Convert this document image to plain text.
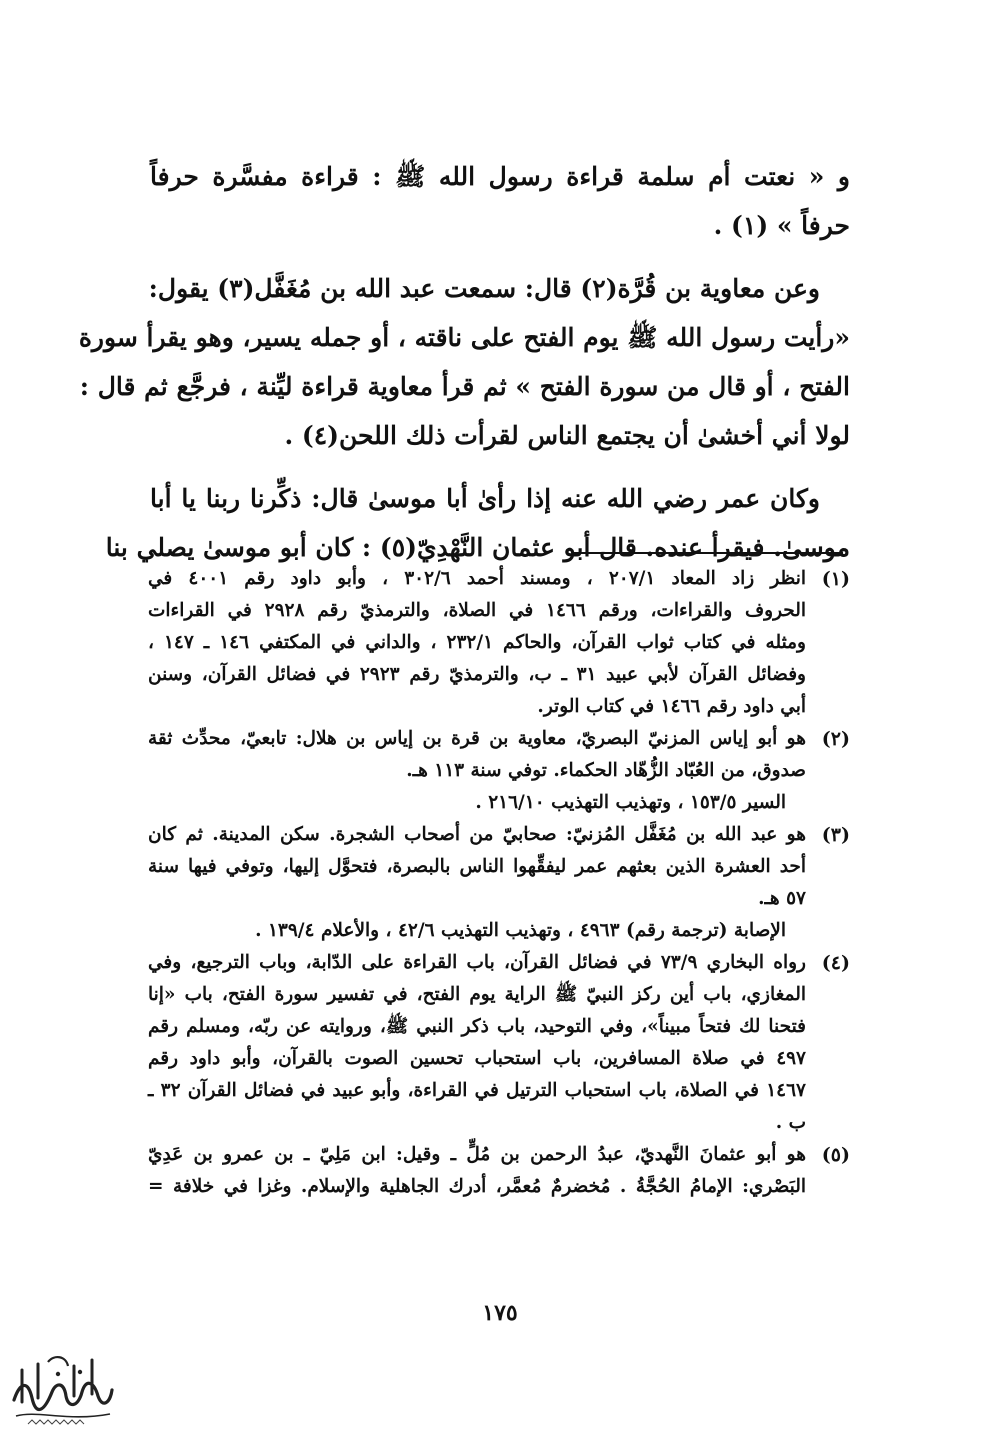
و « نعتت أم سلمة قراءة رسول الله ﷺ : قراءة مفسَّرة حرفاً
حرفاً » (١) .
وعن معاوية بن قُرَّة(٢) قال: سمعت عبد الله بن مُغَفَّل(٣) يقول:
«رأيت رسول الله ﷺ يوم الفتح على ناقته ، أو جمله يسير، وهو يقرأ سورة
الفتح ، أو قال من سورة الفتح » ثم قرأ معاوية قراءة ليِّنة ، فرجَّع ثم قال :
لولا أني أخشىٰ أن يجتمع الناس لقرأت ذلك اللحن(٤) .
وكان عمر رضي الله عنه إذا رأىٰ أبا موسىٰ قال: ذكِّرنا ربنا يا أبا
موسىٰ. فيقرأ عنده. قال أبو عثمان النَّهْدِيّ(٥) : كان أبو موسىٰ يصلي بنا
(١)
انظر زاد المعاد ٢٠٧/١ ، ومسند أحمد ٣٠٢/٦ ، وأبو داود رقم ٤٠٠١ في
الحروف والقراءات، ورقم ١٤٦٦ في الصلاة، والترمذيّ رقم ٢٩٢٨ في القراءات
ومثله في كتاب ثواب القرآن، والحاكم ٢٣٢/١ ، والداني في المكتفي ١٤٦ ـ ١٤٧ ،
وفضائل القرآن لأبي عبيد ٣١ ـ ب، والترمذيّ رقم ٢٩٢٣ في فضائل القرآن، وسنن
أبي داود رقم ١٤٦٦ في كتاب الوتر.
(٢)
هو أبو إياس المزنيّ البصريّ، معاوية بن قرة بن إياس بن هلال: تابعيّ، محدِّث ثقة
صدوق، من العُبّاد الزُّهّاد الحكماء. توفي سنة ١١٣ هـ.
السير ١٥٣/٥ ، وتهذيب التهذيب ٢١٦/١٠ .
(٣)
هو عبد الله بن مُغَفَّل المُزنيّ: صحابيّ من أصحاب الشجرة. سكن المدينة. ثم كان
أحد العشرة الذين بعثهم عمر ليفقِّهوا الناس بالبصرة، فتحوَّل إليها، وتوفي فيها سنة
٥٧ هـ.
الإصابة (ترجمة رقم) ٤٩٦٣ ، وتهذيب التهذيب ٤٢/٦ ، والأعلام ١٣٩/٤ .
(٤)
رواه البخاري ٧٣/٩ في فضائل القرآن، باب القراءة على الدّابة، وباب الترجيع، وفي
المغازي، باب أين ركز النبيّ ﷺ الراية يوم الفتح، في تفسير سورة الفتح، باب «إنا
فتحنا لك فتحاً مبيناً»، وفي التوحيد، باب ذكر النبي ﷺ، وروايته عن ربّه، ومسلم رقم
٤٩٧ في صلاة المسافرين، باب استحباب تحسين الصوت بالقرآن، وأبو داود رقم
١٤٦٧ في الصلاة، باب استحباب الترتيل في القراءة، وأبو عبيد في فضائل القرآن ٣٢ ـ
ب .
(٥)
هو أبو عثمانَ النَّهديّ، عبدُ الرحمن بن مُلٍّ ـ وقيل: ابن مَلِيّ ـ بن عمرو بن عَدِيّ
البَصْري: الإمامُ الحُجَّةُ . مُخضرمٌ مُعمَّر، أدرك الجاهلية والإسلام. وغزا في خلافة =
١٧٥
